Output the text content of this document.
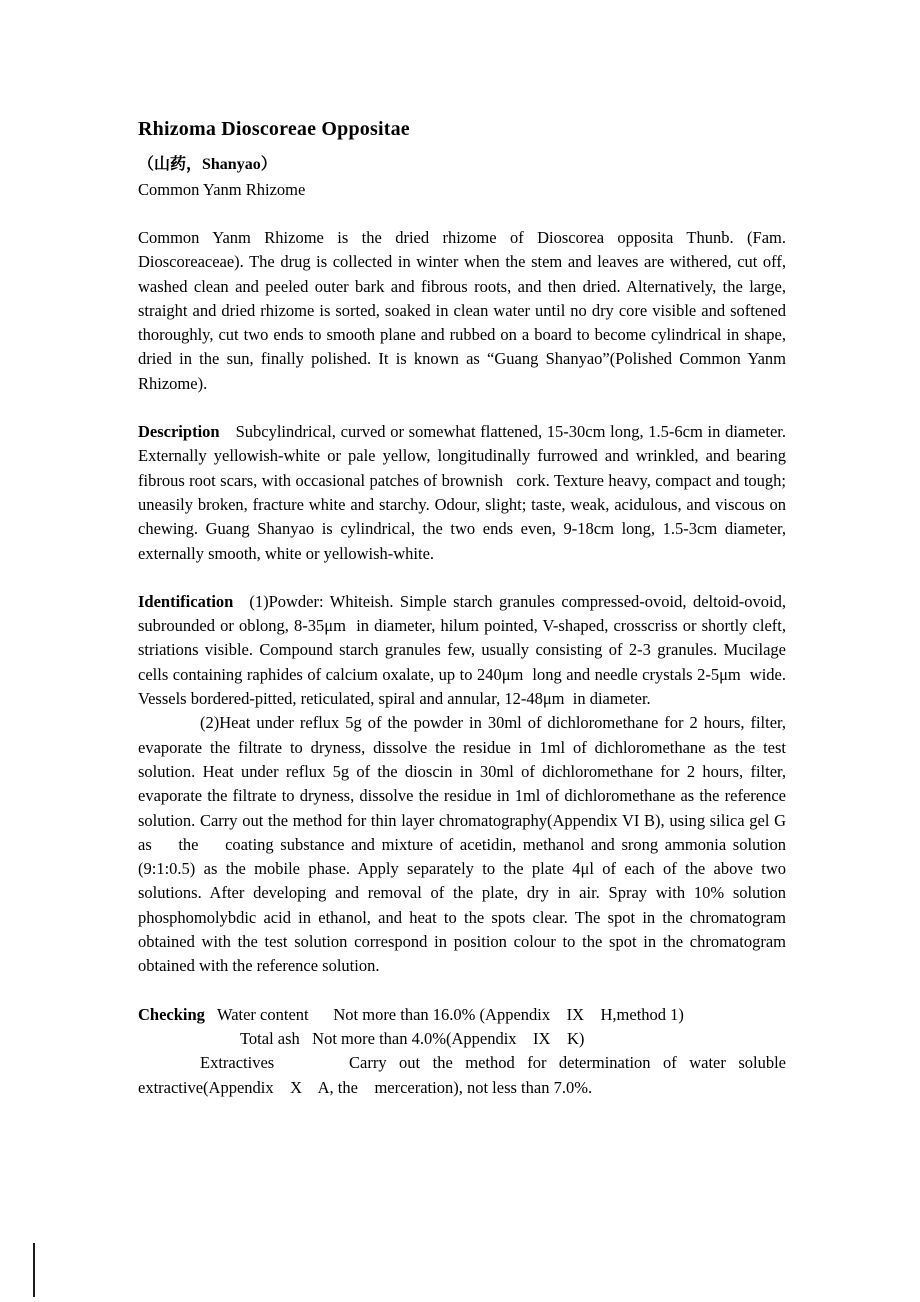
Rhizoma Dioscoreae Oppositae
（山药，Shanyao）
Common Yanm Rhizome

Common Yanm Rhizome is the dried rhizome of Dioscorea opposita Thunb. (Fam. Dioscoreaceae). The drug is collected in winter when the stem and leaves are withered, cut off, washed clean and peeled outer bark and fibrous roots, and then dried. Alternatively, the large, straight and dried rhizome is sorted, soaked in clean water until no dry core visible and softened thoroughly, cut two ends to smooth plane and rubbed on a board to become cylindrical in shape, dried in the sun, finally polished. It is known as “Guang Shanyao”(Polished Common Yanm Rhizome).

Description Subcylindrical, curved or somewhat flattened, 15-30cm long, 1.5-6cm in diameter. Externally yellowish-white or pale yellow, longitudinally furrowed and wrinkled, and bearing fibrous root scars, with occasional patches of brownish   cork. Texture heavy, compact and tough; uneasily broken, fracture white and starchy. Odour, slight; taste, weak, acidulous, and viscous on chewing. Guang Shanyao is cylindrical, the two ends even, 9-18cm long, 1.5-3cm diameter, externally smooth, white or yellowish-white.

Identification (1)Powder: Whiteish. Simple starch granules compressed-ovoid, deltoid-ovoid, subrounded or oblong, 8-35μm  in diameter, hilum pointed, V-shaped, crosscriss or shortly cleft, striations visible. Compound starch granules few, usually consisting of 2-3 granules. Mucilage cells containing raphides of calcium oxalate, up to 240μm  long and needle crystals 2-5μm  wide. Vessels bordered-pitted, reticulated, spiral and annular, 12-48μm  in diameter.

(2)Heat under reflux 5g of the powder in 30ml of dichloromethane for 2 hours, filter, evaporate the filtrate to dryness, dissolve the residue in 1ml of dichloromethane as the test solution. Heat under reflux 5g of the dioscin in 30ml of dichloromethane for 2 hours, filter, evaporate the filtrate to dryness, dissolve the residue in 1ml of dichloromethane as the reference solution. Carry out the method for thin layer chromatography(Appendix VI B), using silica gel G    as    the    coating substance and mixture of acetidin, methanol and srong ammonia solution (9:1:0.5) as the mobile phase. Apply separately to the plate 4μl of each of the above two solutions. After developing and removal of the plate, dry in air. Spray with 10% solution phosphomolybdic acid in ethanol, and heat to the spots clear. The spot in the chromatogram obtained with the test solution correspond in position colour to the spot in the chromatogram obtained with the reference solution.

Checking Water content      Not more than 16.0% (Appendix    IX    H,method 1)
Total ash   Not more than 4.0%(Appendix    IX    K)

Extractives      Carry out the method for determination of water soluble extractive(Appendix    X    A, the    merceration), not less than 7.0%.
